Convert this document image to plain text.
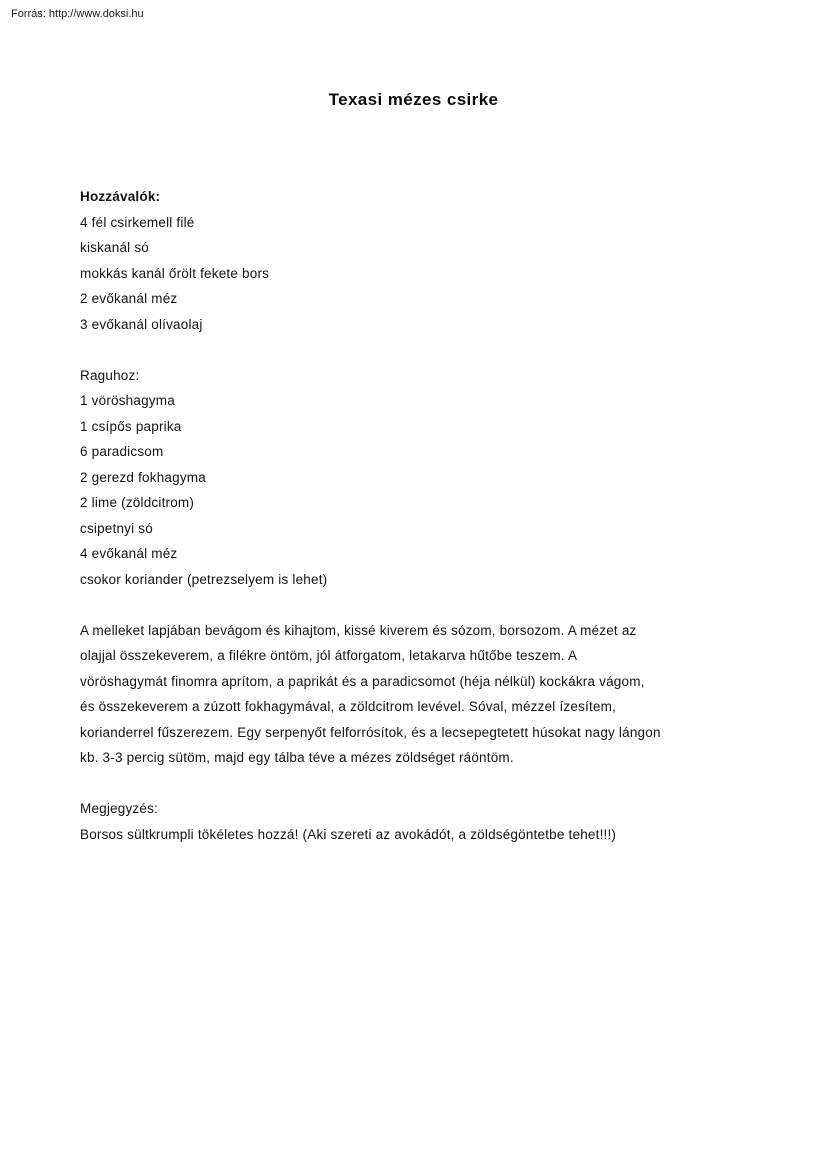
Forrás: http://www.doksi.hu
Texasi mézes csirke
Hozzávalók:
4 fél csirkemell filé
kiskanál só
mokkás kanál őrölt fekete bors
2 evőkanál méz
3 evőkanál olívaolaj
Raguhoz:
1 vöröshagyma
1 csípős paprika
6 paradicsom
2 gerezd fokhagyma
2 lime (zöldcitrom)
csipetnyi só
4 evőkanál méz
csokor koriander (petrezselyem is lehet)
A melleket lapjában bevágom és kihajtom, kissé kiverem és sózom, borsozom. A mézet az
olajjal összekeverem, a filékre öntöm, jól átforgatom, letakarva hűtőbe teszem. A
vöröshagymát finomra aprítom, a paprikát és a paradicsomot (héja nélkül) kockákra vágom,
és összekeverem a zúzott fokhagymával, a zöldcitrom levével. Sóval, mézzel ízesítem,
korianderrel fűszerezem. Egy serpenyőt felforrósítok, és a lecsepegtetett húsokat nagy lángon
kb. 3-3 percig sütöm, majd egy tálba téve a mézes zöldséget ráöntöm.
Megjegyzés:
Borsos sültkrumpli tökéletes hozzá! (Aki szereti az avokádót, a zöldségöntetbe tehet!!!)
